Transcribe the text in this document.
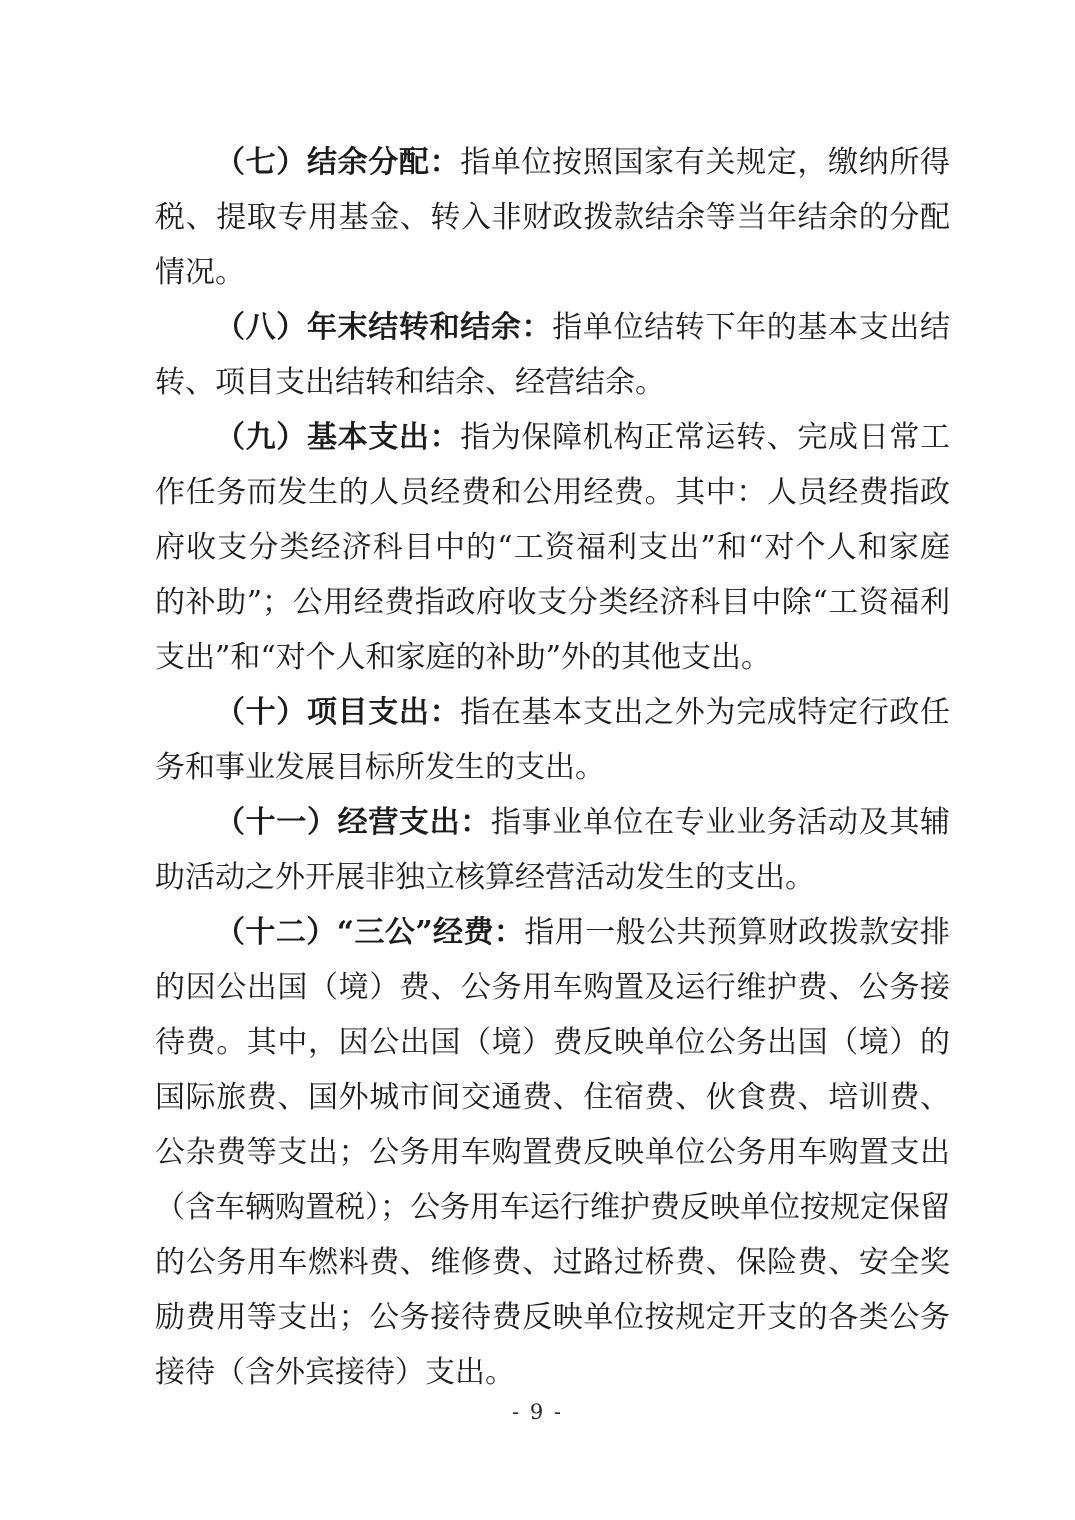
（七）结余分配：指单位按照国家有关规定，缴纳所得税、提取专用基金、转入非财政拨款结余等当年结余的分配情况。

（八）年末结转和结余：指单位结转下年的基本支出结转、项目支出结转和结余、经营结余。

（九）基本支出：指为保障机构正常运转、完成日常工作任务而发生的人员经费和公用经费。其中：人员经费指政府收支分类经济科目中的“工资福利支出”和“对个人和家庭的补助”；公用经费指政府收支分类经济科目中除“工资福利支出”和“对个人和家庭的补助”外的其他支出。

（十）项目支出：指在基本支出之外为完成特定行政任务和事业发展目标所发生的支出。

（十一）经营支出：指事业单位在专业业务活动及其辅助活动之外开展非独立核算经营活动发生的支出。

（十二）“三公”经费：指用一般公共预算财政拨款安排的因公出国（境）费、公务用车购置及运行维护费、公务接待费。其中，因公出国（境）费反映单位公务出国（境）的国际旅费、国外城市间交通费、住宿费、伙食费、培训费、公杂费等支出；公务用车购置费反映单位公务用车购置支出（含车辆购置税）；公务用车运行维护费反映单位按规定保留的公务用车燃料费、维修费、过路过桥费、保险费、安全奖励费用等支出；公务接待费反映单位按规定开支的各类公务接待（含外宾接待）支出。

- 9 -
